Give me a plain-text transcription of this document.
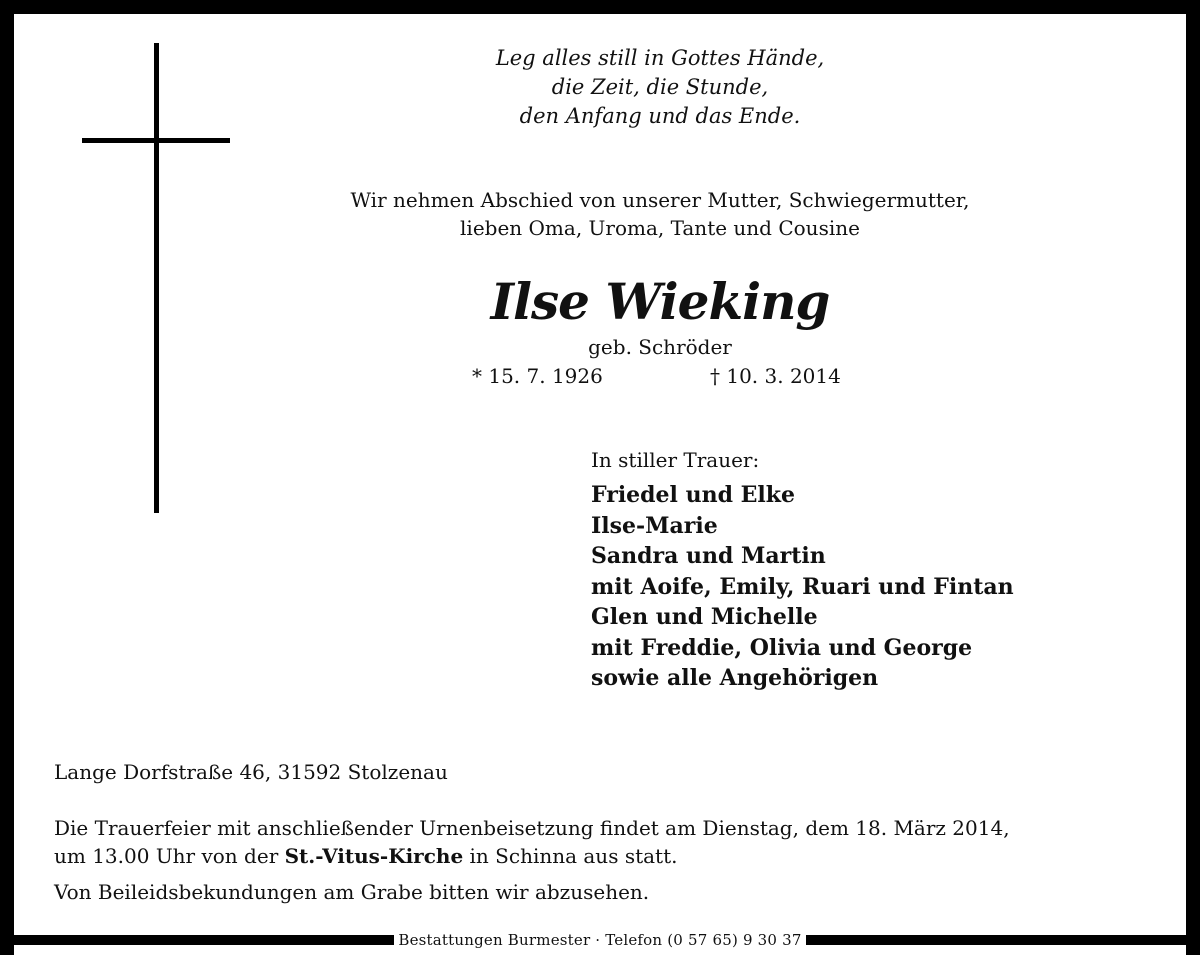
Bestattungen Burmester · Telefon (0 57 65) 9 30 37
Leg alles still in Gottes Hände,
die Zeit, die Stunde,
den Anfang und das Ende.
Wir nehmen Abschied von unserer Mutter, Schwiegermutter,
lieben Oma, Uroma, Tante und Cousine
Ilse Wieking
geb. Schröder
* 15. 7. 1926	† 10. 3. 2014
In stiller Trauer:
Friedel und Elke
Ilse-Marie
Sandra und Martin
mit Aoife, Emily, Ruari und Fintan
Glen und Michelle
mit Freddie, Olivia und George
sowie alle Angehörigen
Lange Dorfstraße 46, 31592 Stolzenau
Die Trauerfeier mit anschließender Urnenbeisetzung findet am Dienstag, dem 18. März 2014,
um 13.00 Uhr von der St.-Vitus-Kirche in Schinna aus statt.
Von Beileidsbekundungen am Grabe bitten wir abzusehen.
